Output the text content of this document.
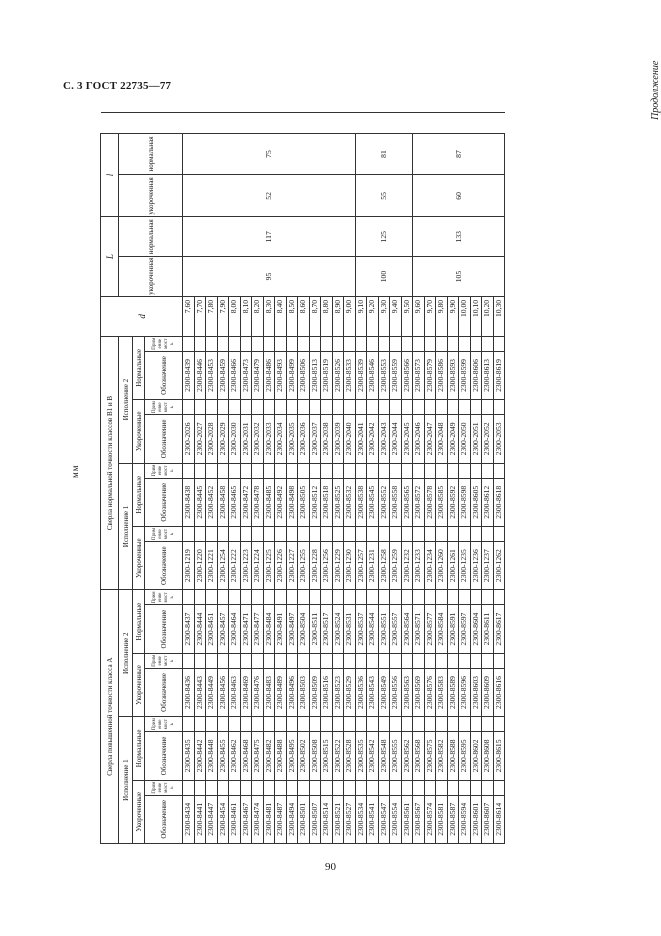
С. 3 ГОСТ 22735—77	Продолжение
мм
Сверла повышенной точности класса А								Сверла нормальной точности классов В1 и В								d	L		l		
Исполнение 1				Исполнение 2				Исполнение 1				Исполнение 2					укороченная	нормальная	укороченная	нормальная	
Укороченные		Нормальные		Укороченные		Нормальные		Укороченные		Нормальные		Укороченные		Нормальные							
Обозначение	Применяемость	Обозначение	Применяемость	Обозначение	Применяемость	Обозначение	Применяемость	Обозначение	Применяемость	Обозначение	Применяемость	Обозначение	Применяемость	Обозначение	Применяемость						
2300-8434		2300-8435		2300-8436		2300-8437		2300-1219		2300-8438		2300-2026		2300-8439		7,60	95	117	52	75	
2300-8441		2300-8442		2300-8443		2300-8444		2300-1220		2300-8445		2300-2027		2300-8446		7,70					
2300-8447		2300-8448		2300-8449		2300-8451		2300-1221		2300-8452		2300-2028		2300-8453		7,80					
2300-8454		2300-8455		2300-8456		2300-8457		2300-1254		2300-8458		2300-2029		2300-8459		7,90					
2300-8461		2300-8462		2300-8463		2300-8464		2300-1222		2300-8465		2300-2030		2300-8466		8,00					
2300-8467		2300-8468		2300-8469		2300-8471		2300-1223		2300-8472		2300-2031		2300-8473		8,10					
2300-8474		2300-8475		2300-8476		2300-8477		2300-1224		2300-8478		2300-2032		2300-8479		8,20					
2300-8481		2300-8482		2300-8483		2300-8484		2300-1225		2300-8485		2300-2033		2300-8486		8,30					
2300-8487		2300-8488		2300-8489		2300-8491		2300-1226		2300-8492		2300-2034		2300-8493		8,40					
2300-8494		2300-8495		2300-8496		2300-8497		2300-1227		2300-8498		2300-2035		2300-8499		8,50					
2300-8501		2300-8502		2300-8503		2300-8504		2300-1255		2300-8505		2300-2036		2300-8506		8,60					
2300-8507		2300-8508		2300-8509		2300-8511		2300-1228		2300-8512		2300-2037		2300-8513		8,70					
2300-8514		2300-8515		2300-8516		2300-8517		2300-1256		2300-8518		2300-2038		2300-8519		8,80					
2300-8521		2300-8522		2300-8523		2300-8524		2300-1229		2300-8525		2300-2039		2300-8526		8,90					
2300-8527		2300-8528		2300-8529		2300-8531		2300-1230		2300-8532		2300-2040		2300-8533		9,00					
2300-8534		2300-8535		2300-8536		2300-8537		2300-1257		2300-8538		2300-2041		2300-8539		9,10	100	125	55	81	
2300-8541		2300-8542		2300-8543		2300-8544		2300-1231		2300-8545		2300-2042		2300-8546		9,20					
2300-8547		2300-8548		2300-8549		2300-8551		2300-1258		2300-8552		2300-2043		2300-8553		9,30					
2300-8554		2300-8555		2300-8556		2300-8557		2300-1259		2300-8558		2300-2044		2300-8559		9,40					
2300-8561		2300-8562		2300-8563		2300-8564		2300-1232		2300-8565		2300-2045		2300-8566		9,50					
2300-8567		2300-8568		2300-8569		2300-8571		2300-1233		2300-8572		2300-2046		2300-8573		9,60	105	133	60	87	
2300-8574		2300-8575		2300-8576		2300-8577		2300-1234		2300-8578		2300-2047		2300-8579		9,70					
2300-8581		2300-8582		2300-8583		2300-8584		2300-1260		2300-8585		2300-2048		2300-8586		9,80					
2300-8587		2300-8588		2300-8589		2300-8591		2300-1261		2300-8592		2300-2049		2300-8593		9,90					
2300-8594		2300-8595		2300-8596		2300-8597		2300-1235		2300-8598		2300-2050		2300-8599		10,00					
2300-8601		2300-8602		2300-8603		2300-8604		2300-1236		2300-8605		2300-2051		2300-8606		10,10					
2300-8607		2300-8608		2300-8609		2300-8611		2300-1237		2300-8612		2300-2052		2300-8613		10,20					
2300-8614		2300-8615		2300-8616		2300-8617		2300-1262		2300-8618		2300-2053		2300-8619		10,30					
90
